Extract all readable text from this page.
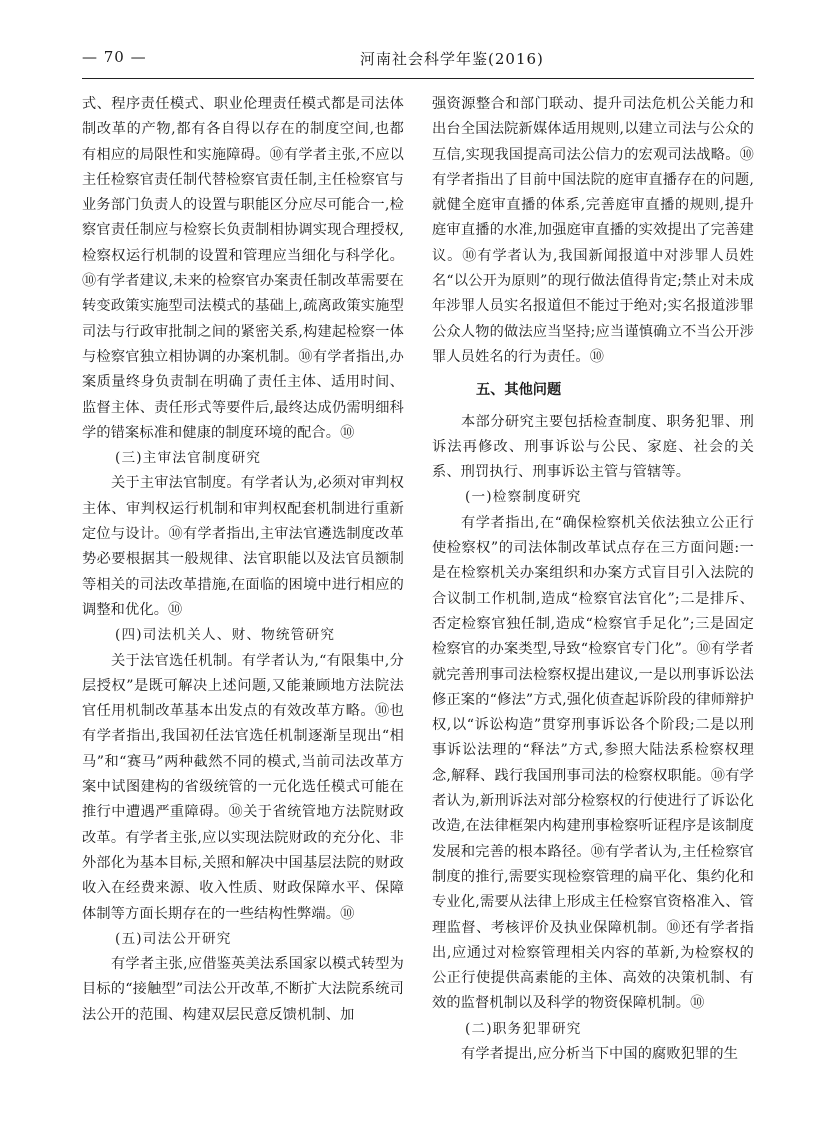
— 70 —	河南社会科学年鉴(2016)

式、程序责任模式、职业伦理责任模式都是司法体制改革的产物,都有各自得以存在的制度空间,也都有相应的局限性和实施障碍。⑩有学者主张,不应以主任检察官责任制代替检察官责任制,主任检察官与业务部门负责人的设置与职能区分应尽可能合一,检察官责任制应与检察长负责制相协调实现合理授权,检察权运行机制的设置和管理应当细化与科学化。⑩有学者建议,未来的检察官办案责任制改革需要在转变政策实施型司法模式的基础上,疏离政策实施型司法与行政审批制之间的紧密关系,构建起检察一体与检察官独立相协调的办案机制。⑩有学者指出,办案质量终身负责制在明确了责任主体、适用时间、监督主体、责任形式等要件后,最终达成仍需明细科学的错案标准和健康的制度环境的配合。⑩

(三)主审法官制度研究

关于主审法官制度。有学者认为,必须对审判权主体、审判权运行机制和审判权配套机制进行重新定位与设计。⑩有学者指出,主审法官遴选制度改革势必要根据其一般规律、法官职能以及法官员额制等相关的司法改革措施,在面临的困境中进行相应的调整和优化。⑩

(四)司法机关人、财、物统管研究

关于法官选任机制。有学者认为,“有限集中,分层授权”是既可解决上述问题,又能兼顾地方法院法官任用机制改革基本出发点的有效改革方略。⑩也有学者指出,我国初任法官选任机制逐渐呈现出“相马”和“赛马”两种截然不同的模式,当前司法改革方案中试图建构的省级统管的一元化选任模式可能在推行中遭遇严重障碍。⑩关于省统管地方法院财政改革。有学者主张,应以实现法院财政的充分化、非外部化为基本目标,关照和解决中国基层法院的财政收入在经费来源、收入性质、财政保障水平、保障体制等方面长期存在的一些结构性弊端。⑩

(五)司法公开研究

有学者主张,应借鉴英美法系国家以模式转型为目标的“接触型”司法公开改革,不断扩大法院系统司法公开的范围、构建双层民意反馈机制、加

强资源整合和部门联动、提升司法危机公关能力和出台全国法院新媒体适用规则,以建立司法与公众的互信,实现我国提高司法公信力的宏观司法战略。⑩有学者指出了目前中国法院的庭审直播存在的问题,就健全庭审直播的体系,完善庭审直播的规则,提升庭审直播的水准,加强庭审直播的实效提出了完善建议。⑩有学者认为,我国新闻报道中对涉罪人员姓名“以公开为原则”的现行做法值得肯定;禁止对未成年涉罪人员实名报道但不能过于绝对;实名报道涉罪公众人物的做法应当坚持;应当谨慎确立不当公开涉罪人员姓名的行为责任。⑩

五、其他问题

本部分研究主要包括检查制度、职务犯罪、刑诉法再修改、刑事诉讼与公民、家庭、社会的关系、刑罚执行、刑事诉讼主管与管辖等。

(一)检察制度研究

有学者指出,在“确保检察机关依法独立公正行使检察权”的司法体制改革试点存在三方面问题:一是在检察机关办案组织和办案方式盲目引入法院的合议制工作机制,造成“检察官法官化”;二是排斥、否定检察官独任制,造成“检察官手足化”;三是固定检察官的办案类型,导致“检察官专门化”。⑩有学者就完善刑事司法检察权提出建议,一是以刑事诉讼法修正案的“修法”方式,强化侦查起诉阶段的律师辩护权,以“诉讼构造”贯穿刑事诉讼各个阶段;二是以刑事诉讼法理的“释法”方式,参照大陆法系检察权理念,解释、践行我国刑事司法的检察权职能。⑩有学者认为,新刑诉法对部分检察权的行使进行了诉讼化改造,在法律框架内构建刑事检察听证程序是该制度发展和完善的根本路径。⑩有学者认为,主任检察官制度的推行,需要实现检察管理的扁平化、集约化和专业化,需要从法律上形成主任检察官资格准入、管理监督、考核评价及执业保障机制。⑩还有学者指出,应通过对检察管理相关内容的革新,为检察权的公正行使提供高素能的主体、高效的决策机制、有效的监督机制以及科学的物资保障机制。⑩

(二)职务犯罪研究

有学者提出,应分析当下中国的腐败犯罪的生
